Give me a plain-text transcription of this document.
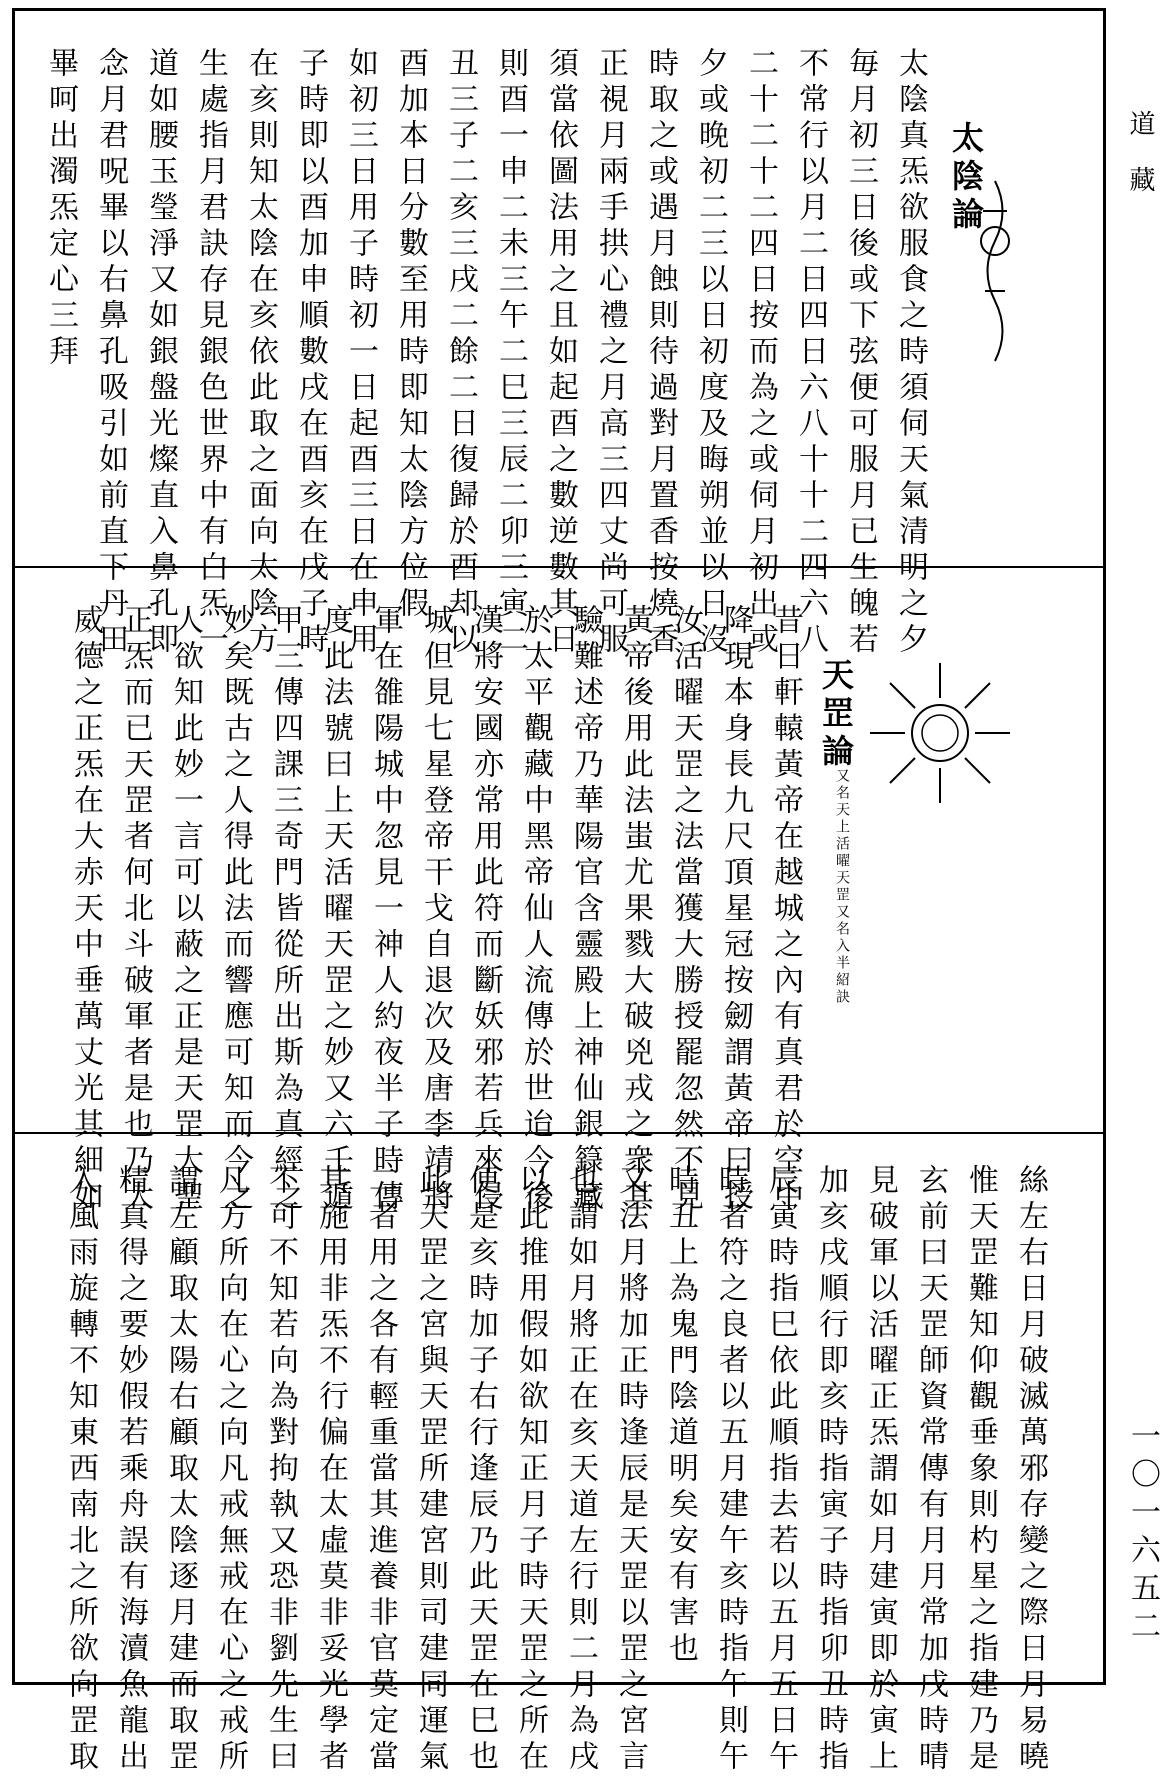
太陰論
太陰真炁欲服食之時須伺天氣清明之夕
毎月初三日後或下弦便可服月已生魄若
不常行以月二日四日六八十十二四六八
二十二十二四日按而為之或伺月初出或
夕或晚初二三以日初度及晦朔並以日沒
時取之或遇月蝕則待過對月置香按燒香
正視月兩手拱心禮之月高三四丈尚可服
須當依圖法用之且如起酉之數逆數其日
則酉一申二未三午二巳三辰二卯三寅二
丑三子二亥三戌二餘二日復歸於酉却以
酉加本日分數至用時即知太陰方位假
如初三日用子時初一日起酉三日在申用
子時即以酉加申順數戌在酉亥在戌子時
在亥則知太陰在亥依此取之面向太陰方
生處指月君訣存見銀色世界中有白炁一
道如腰玉瑩淨又如銀盤光燦直入鼻孔即
念月君呪畢以右鼻孔吸引如前直下丹田
畢呵出濁炁定心三拜
天罡論
又名天上活曜天罡又名入半紹訣
昔日軒轅黃帝在越城之內有真君於空中
降現本身長九尺頂星冠按劒謂黃帝曰授
汝活曜天罡之法當獲大勝授罷忽然不見
黃帝後用此法蚩尤果戮大破兇戎之衆其
驗難述帝乃華陽官含靈殿上神仙銀籙藏
於太平觀藏中黑帝仙人流傳於世迨今後
漢將安國亦常用此符而斷妖邪若兵來侵
城但見七星登帝干戈自退次及唐李靖將
軍在雒陽城中忽見一神人約夜半子時傳
度此法號曰上天活曜天罡之妙又六壬遁
甲三傳四課三奇門皆從所出斯為真經之
妙矣既古之人得此法而響應可知而今之
人欲知此妙一言可以蔽之正是天罡大聖
正炁而已天罡者何北斗破軍者是也乃大
威德之正炁在大赤天中垂萬丈光其細如
絲左右日月破滅萬邪存變之際日月易曉
惟天罡難知仰觀垂象則杓星之指建乃是
玄前曰天罡師資常傳有月月常加戌時晴
見破軍以活曜正炁謂如月建寅即於寅上
加亥戌順行即亥時指寅子時指卯丑時指
辰寅時指巳依此順指去若以五月五日午
時者符之良者以五月建午亥時指午則午
時丑上為鬼門陰道明矣安有害也
又法月將加正時逢辰是天罡以罡之宮言
也謂如月將正在亥天道左行則二月為戌
以此推用假如欲知正月子時天罡之所在
便是亥時加子右行逢辰乃此天罡在巳也
此天罡之宮與天罡所建宮則司建同運氣
二者用之各有輕重當其進養非官莫定當
其施用非炁不行偏在太虛莫非妥光學者
不可不知若向為對拘執又恐非劉先生曰
凡方所向在心之向凡戒無戒在心之戒所
謂左顧取太陽右顧取太陰逐月建而取罡
精真得之要妙假若乘舟誤有海瀆魚龍出
入風雨旋轉不知東西南北之所欲向罡取
道藏
一〇一六五二
